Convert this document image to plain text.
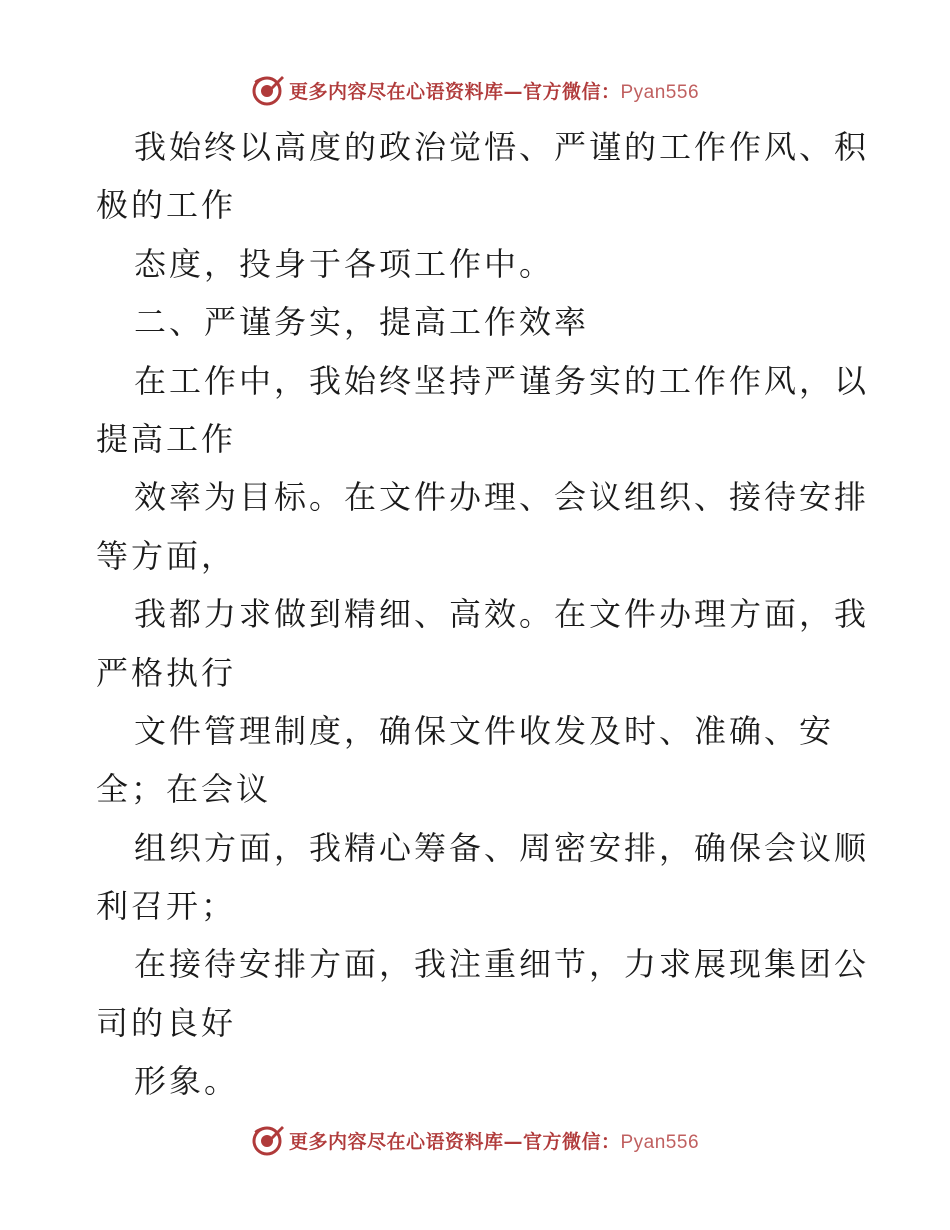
更多内容尽在心语资料库—官方微信：Pyan556
我始终以高度的政治觉悟、严谨的工作作风、积
极的工作
态度，投身于各项工作中。
二、严谨务实，提高工作效率
在工作中，我始终坚持严谨务实的工作作风，以
提高工作
效率为目标。在文件办理、会议组织、接待安排
等方面，
我都力求做到精细、高效。在文件办理方面，我
严格执行
文件管理制度，确保文件收发及时、准确、安
全；在会议
组织方面，我精心筹备、周密安排，确保会议顺
利召开；
在接待安排方面，我注重细节，力求展现集团公
司的良好
形象。
更多内容尽在心语资料库—官方微信：Pyan556
